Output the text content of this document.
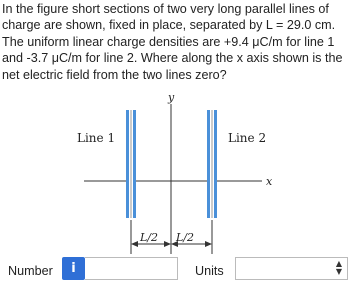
In the figure short sections of two very long parallel lines of charge are shown, fixed in place, separated by L = 29.0 cm. The uniform linear charge densities are +9.4 μC/m for line 1 and -3.7 μC/m for line 2. Where along the x axis shown is the net electric field from the two lines zero?

Line 1	Line 2
y
x
L/2 L/2
Number	i	Units
▲
▼
